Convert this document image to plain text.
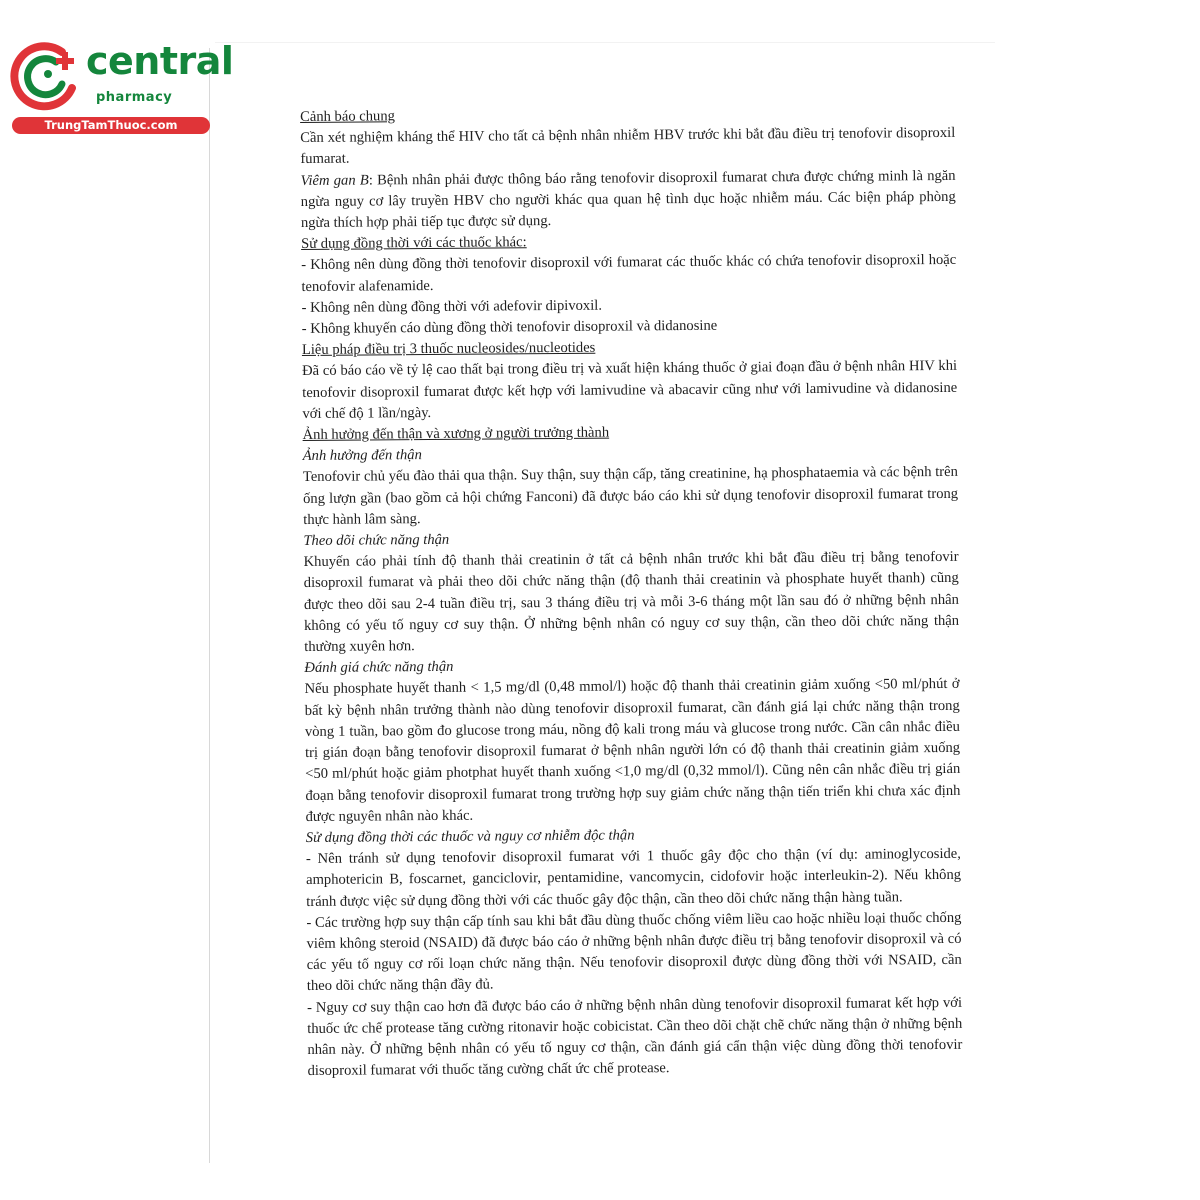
central
pharmacy
TrungTamThuoc.com

Cảnh báo chung

Cần xét nghiệm kháng thể HIV cho tất cả bệnh nhân nhiễm HBV trước khi bắt đầu điều trị tenofovir disoproxil fumarat.

Viêm gan B: Bệnh nhân phải được thông báo rằng tenofovir disoproxil fumarat chưa được chứng minh là ngăn ngừa nguy cơ lây truyền HBV cho người khác qua quan hệ tình dục hoặc nhiễm máu. Các biện pháp phòng ngừa thích hợp phải tiếp tục được sử dụng.

Sử dụng đồng thời với các thuốc khác:

- Không nên dùng đồng thời tenofovir disoproxil với fumarat các thuốc khác có chứa tenofovir disoproxil hoặc tenofovir alafenamide.

- Không nên dùng đồng thời với adefovir dipivoxil.

- Không khuyến cáo dùng đồng thời tenofovir disoproxil và didanosine

Liệu pháp điều trị 3 thuốc nucleosides/nucleotides

Đã có báo cáo về tỷ lệ cao thất bại trong điều trị và xuất hiện kháng thuốc ở giai đoạn đầu ở bệnh nhân HIV khi tenofovir disoproxil fumarat được kết hợp với lamivudine và abacavir cũng như với lamivudine và didanosine với chế độ 1 lần/ngày.

Ảnh hưởng đến thận và xương ở người trưởng thành

Ảnh hưởng đến thận

Tenofovir chủ yếu đào thải qua thận. Suy thận, suy thận cấp, tăng creatinine, hạ phosphataemia và các bệnh trên ống lượn gần (bao gồm cả hội chứng Fanconi) đã được báo cáo khi sử dụng tenofovir disoproxil fumarat trong thực hành lâm sàng.

Theo dõi chức năng thận

Khuyến cáo phải tính độ thanh thải creatinin ở tất cả bệnh nhân trước khi bắt đầu điều trị bằng tenofovir disoproxil fumarat và phải theo dõi chức năng thận (độ thanh thải creatinin và phosphate huyết thanh) cũng được theo dõi sau 2-4 tuần điều trị, sau 3 tháng điều trị và mỗi 3-6 tháng một lần sau đó ở những bệnh nhân không có yếu tố nguy cơ suy thận. Ở những bệnh nhân có nguy cơ suy thận, cần theo dõi chức năng thận thường xuyên hơn.

Đánh giá chức năng thận

Nếu phosphate huyết thanh < 1,5 mg/dl (0,48 mmol/l) hoặc độ thanh thải creatinin giảm xuống <50 ml/phút ở bất kỳ bệnh nhân trưởng thành nào dùng tenofovir disoproxil fumarat, cần đánh giá lại chức năng thận trong vòng 1 tuần, bao gồm đo glucose trong máu, nồng độ kali trong máu và glucose trong nước. Cần cân nhắc điều trị gián đoạn bằng tenofovir disoproxil fumarat ở bệnh nhân người lớn có độ thanh thải creatinin giảm xuống <50 ml/phút hoặc giảm photphat huyết thanh xuống <1,0 mg/dl (0,32 mmol/l). Cũng nên cân nhắc điều trị gián đoạn bằng tenofovir disoproxil fumarat trong trường hợp suy giảm chức năng thận tiến triển khi chưa xác định được nguyên nhân nào khác.

Sử dụng đồng thời các thuốc và nguy cơ nhiễm độc thận

- Nên tránh sử dụng tenofovir disoproxil fumarat với 1 thuốc gây độc cho thận (ví dụ: aminoglycoside, amphotericin B, foscarnet, ganciclovir, pentamidine, vancomycin, cidofovir hoặc interleukin-2). Nếu không tránh được việc sử dụng đồng thời với các thuốc gây độc thận, cần theo dõi chức năng thận hàng tuần.

- Các trường hợp suy thận cấp tính sau khi bắt đầu dùng thuốc chống viêm liều cao hoặc nhiều loại thuốc chống viêm không steroid (NSAID) đã được báo cáo ở những bệnh nhân được điều trị bằng tenofovir disoproxil và có các yếu tố nguy cơ rối loạn chức năng thận. Nếu tenofovir disoproxil được dùng đồng thời với NSAID, cần theo dõi chức năng thận đầy đủ.

- Nguy cơ suy thận cao hơn đã được báo cáo ở những bệnh nhân dùng tenofovir disoproxil fumarat kết hợp với thuốc ức chế protease tăng cường ritonavir hoặc cobicistat. Cần theo dõi chặt chẽ chức năng thận ở những bệnh nhân này. Ở những bệnh nhân có yếu tố nguy cơ thận, cần đánh giá cẩn thận việc dùng đồng thời tenofovir disoproxil fumarat với thuốc tăng cường chất ức chế protease.
